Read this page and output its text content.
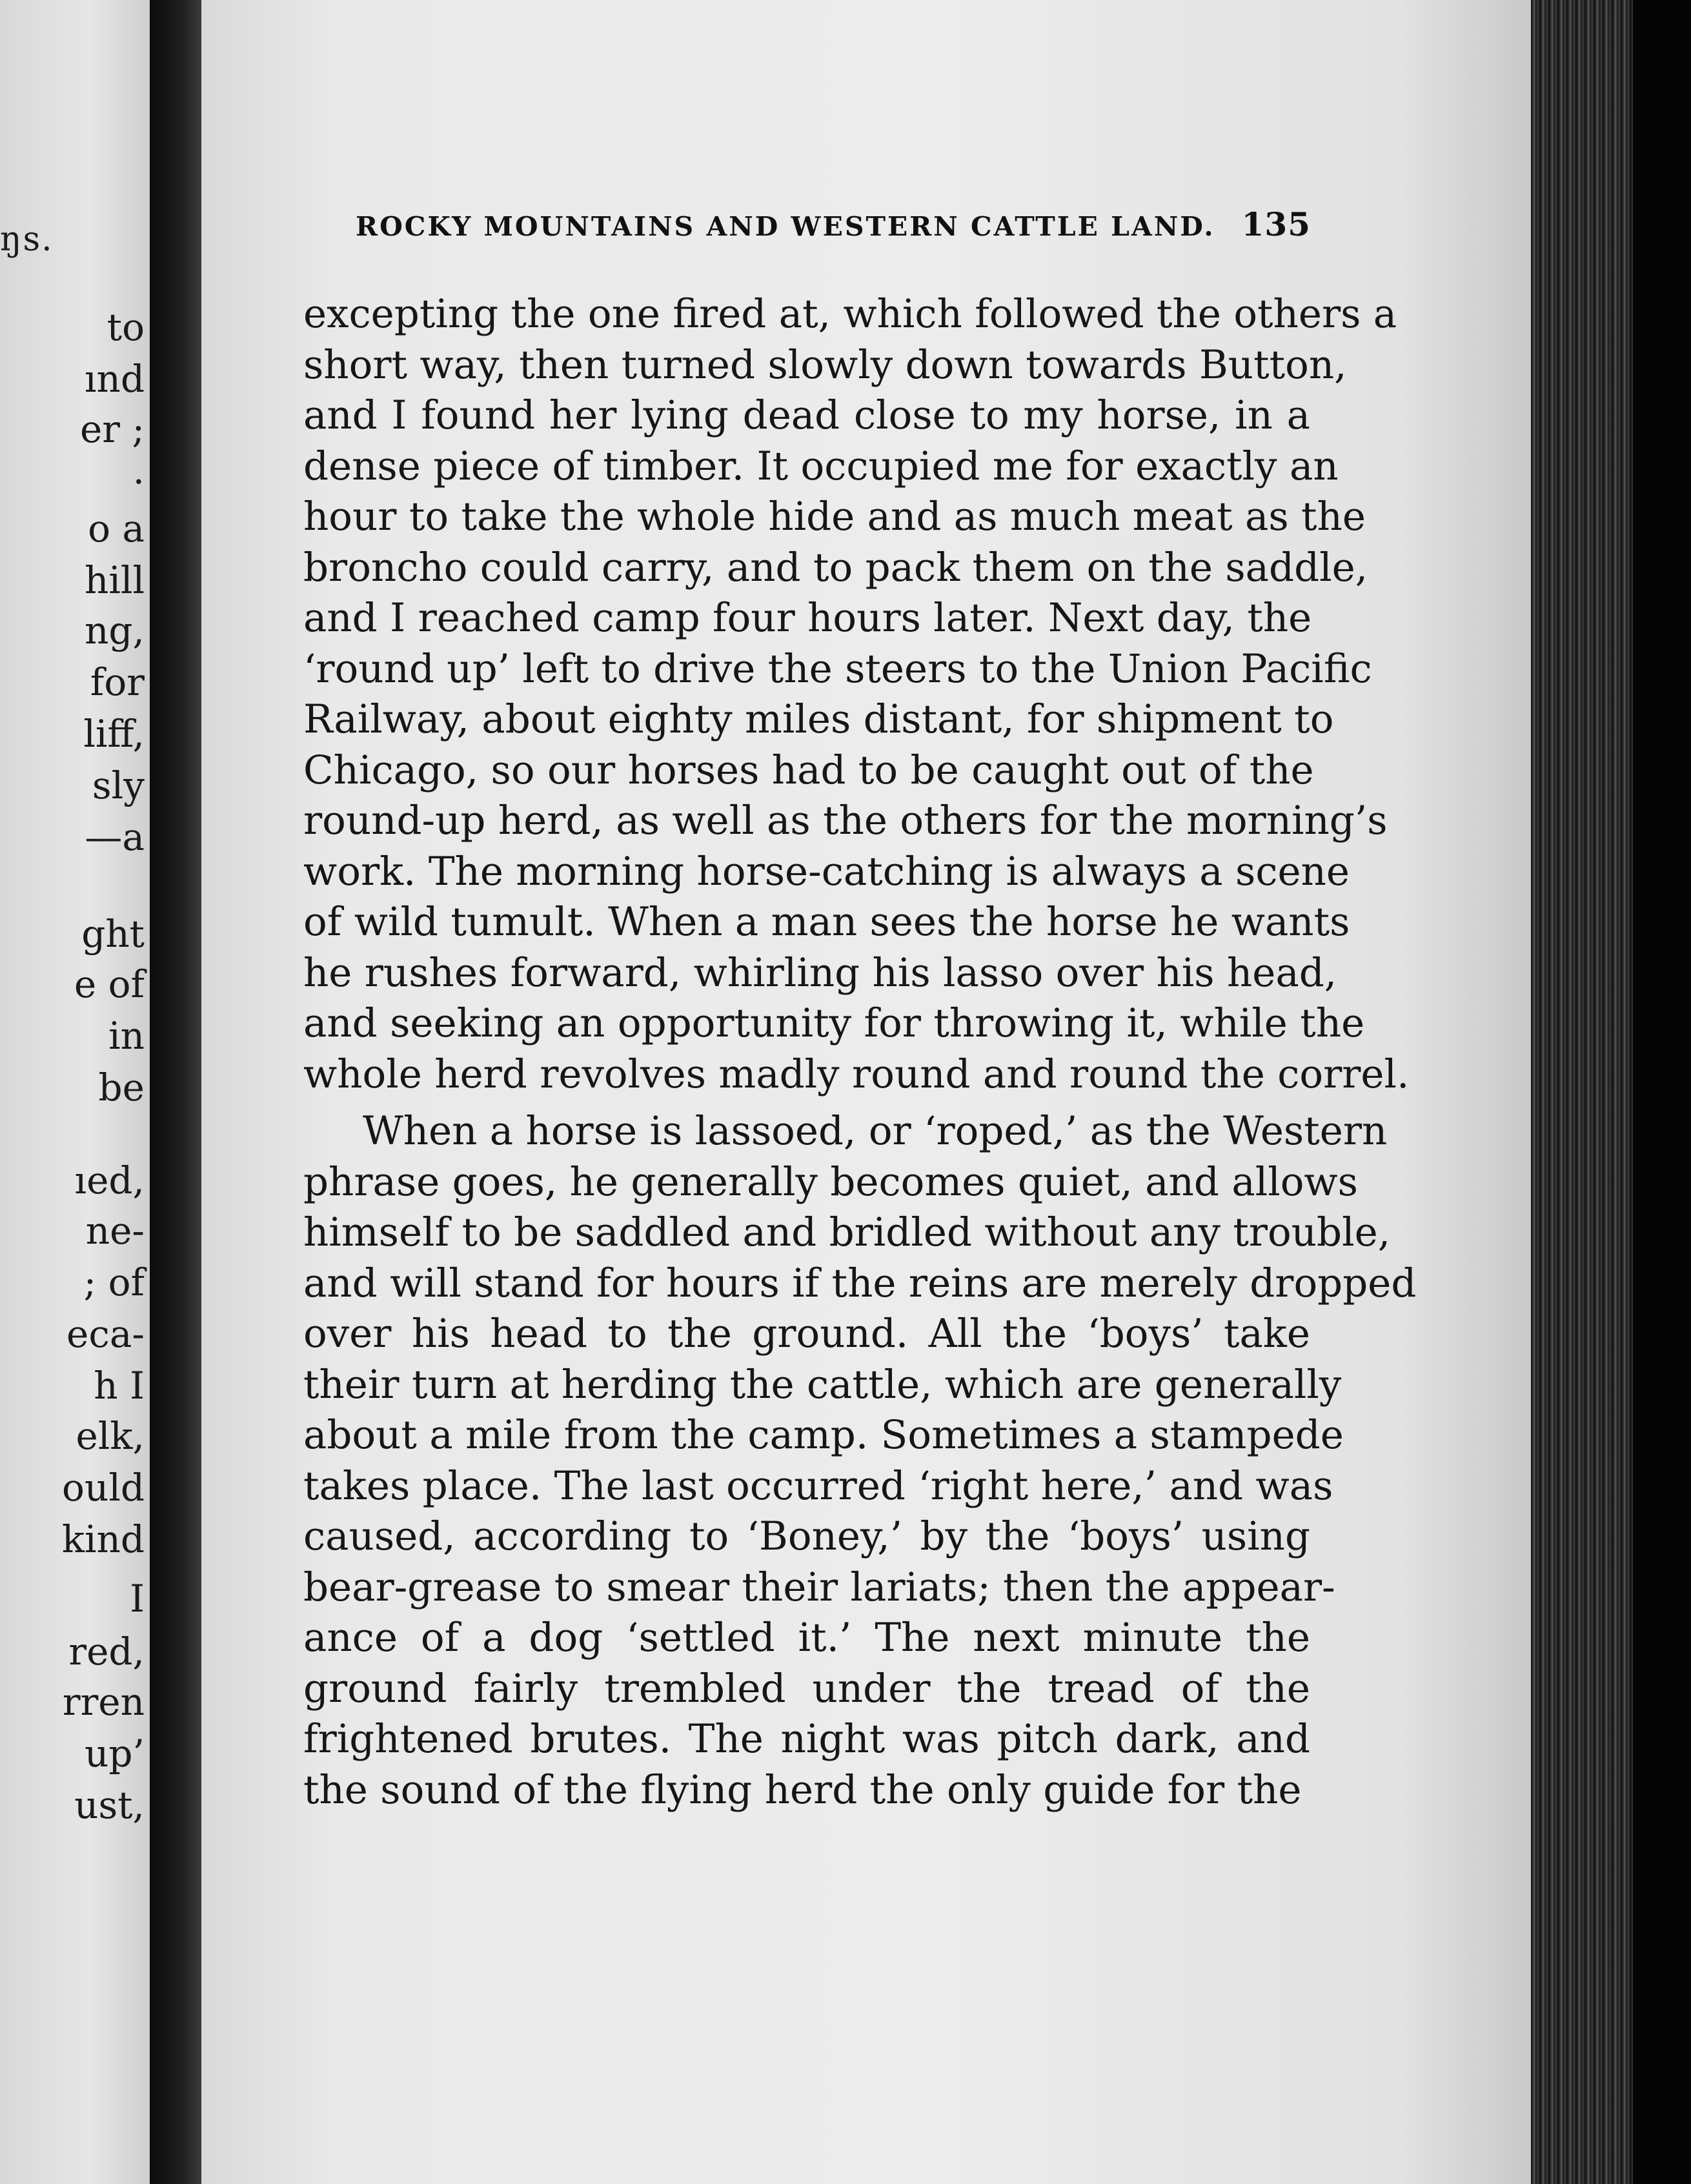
ŋs.
to
ınd
er ;
.
o a
hill
ng,
for
liff,
sly
—a
ght
e of
in
be
ıed,
ne-
; of
eca-
h I
elk,
ould
kind
I
red,
rren
up’
ust,
ROCKY MOUNTAINS AND WESTERN CATTLE LAND. 135
excepting the one fired at, which followed the others a
short way, then turned slowly down towards Button,
and I found her lying dead close to my horse, in a
dense piece of timber. It occupied me for exactly an
hour to take the whole hide and as much meat as the
broncho could carry, and to pack them on the saddle,
and I reached camp four hours later. Next day, the
‘round up’ left to drive the steers to the Union Pacific
Railway, about eighty miles distant, for shipment to
Chicago, so our horses had to be caught out of the
round-up herd, as well as the others for the morning’s
work. The morning horse-catching is always a scene
of wild tumult. When a man sees the horse he wants
he rushes forward, whirling his lasso over his head,
and seeking an opportunity for throwing it, while the
whole herd revolves madly round and round the correl.
When a horse is lassoed, or ‘roped,’ as the Western
phrase goes, he generally becomes quiet, and allows
himself to be saddled and bridled without any trouble,
and will stand for hours if the reins are merely dropped
over his head to the ground. All the ‘boys’ take
their turn at herding the cattle, which are generally
about a mile from the camp. Sometimes a stampede
takes place. The last occurred ‘right here,’ and was
caused, according to ‘Boney,’ by the ‘boys’ using
bear-grease to smear their lariats; then the appear-
ance of a dog ‘settled it.’ The next minute the
ground fairly trembled under the tread of the
frightened brutes. The night was pitch dark, and
the sound of the flying herd the only guide for the
